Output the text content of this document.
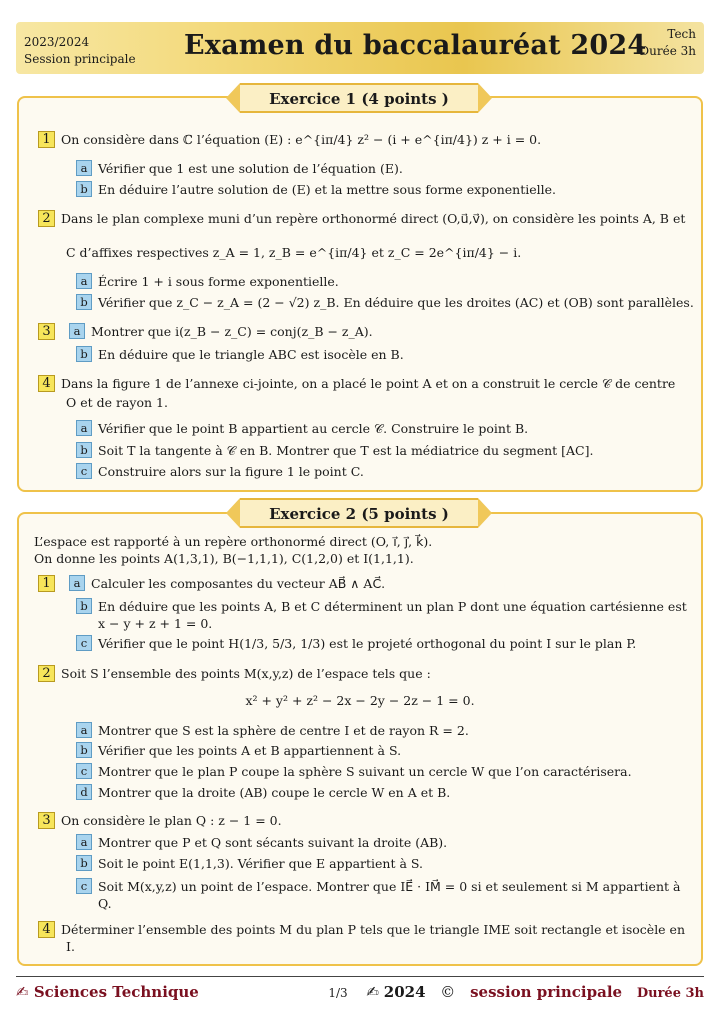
2023/2024
Session principale Examen du baccalauréat 2024	Tech
Durée 3h
Exercice 1 (4 points )
1 On considère dans ℂ l’équation (E) : e^{iπ/4} z² − (i + e^{iπ/4}) z + i = 0.
a Vérifier que 1 est une solution de l’équation (E).
b En déduire l’autre solution de (E) et la mettre sous forme exponentielle.
2 Dans le plan complexe muni d’un repère orthonormé direct (O,u⃗,v⃗), on considère les points A, B et
C d’affixes respectives z_A = 1, z_B = e^{iπ/4} et z_C = 2e^{iπ/4} − i.
a Écrire 1 + i sous forme exponentielle.
b Vérifier que z_C − z_A = (2 − √2) z_B. En déduire que les droites (AC) et (OB) sont parallèles.
3 a Montrer que i(z_B − z_C) = conj(z_B − z_A).
b En déduire que le triangle ABC est isocèle en B.
4 Dans la figure 1 de l’annexe ci-jointe, on a placé le point A et on a construit le cercle 𝒞 de centre
O et de rayon 1.
a Vérifier que le point B appartient au cercle 𝒞. Construire le point B.
b Soit T la tangente à 𝒞 en B. Montrer que T est la médiatrice du segment [AC].
c Construire alors sur la figure 1 le point C.
Exercice 2 (5 points )
L’espace est rapporté à un repère orthonormé direct (O, i⃗, j⃗, k⃗).
On donne les points A(1,3,1), B(−1,1,1), C(1,2,0) et I(1,1,1).
1 a Calculer les composantes du vecteur AB⃗ ∧ AC⃗.
b En déduire que les points A, B et C déterminent un plan P dont une équation cartésienne est
x − y + z + 1 = 0.
c Vérifier que le point H(1/3, 5/3, 1/3) est le projeté orthogonal du point I sur le plan P.
2 Soit S l’ensemble des points M(x,y,z) de l’espace tels que :
x² + y² + z² − 2x − 2y − 2z − 1 = 0.
a Montrer que S est la sphère de centre I et de rayon R = 2.
b Vérifier que les points A et B appartiennent à S.
c Montrer que le plan P coupe la sphère S suivant un cercle W que l’on caractérisera.
d Montrer que la droite (AB) coupe le cercle W en A et B.
3 On considère le plan Q : z − 1 = 0.
a Montrer que P et Q sont sécants suivant la droite (AB).
b Soit le point E(1,1,3). Vérifier que E appartient à S.
c Soit M(x,y,z) un point de l’espace. Montrer que IE⃗ · IM⃗ = 0 si et seulement si M appartient à
Q.
4 Déterminer l’ensemble des points M du plan P tels que le triangle IME soit rectangle et isocèle en
I.
✍ Sciences Technique	1/3 ✍ 2024 © session principale Durée 3h
